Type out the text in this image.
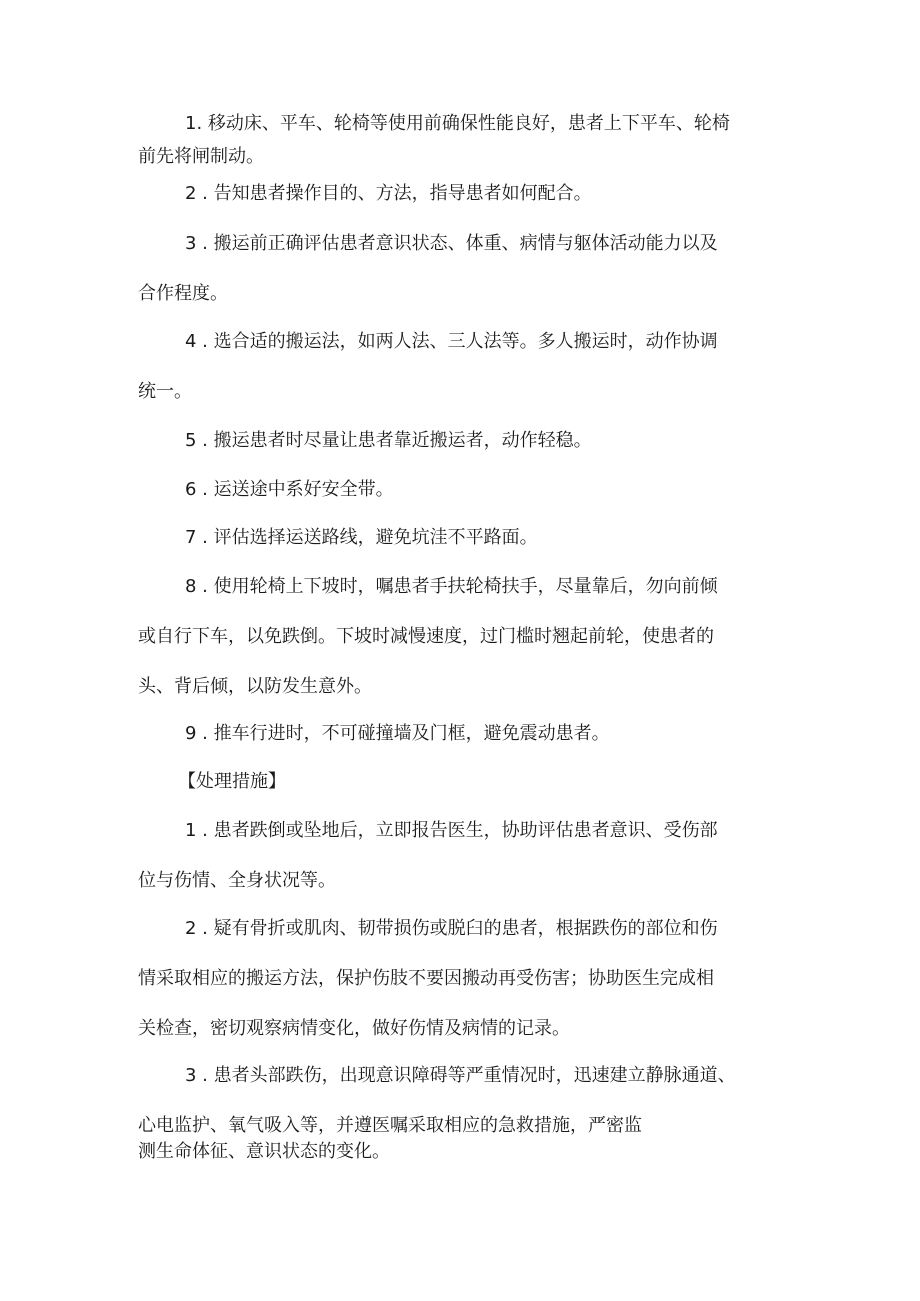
1. 移动床、平车、轮椅等使用前确保性能良好，患者上下平车、轮椅
前先将闸制动。
2 . 告知患者操作目的、方法，指导患者如何配合。
3 . 搬运前正确评估患者意识状态、体重、病情与躯体活动能力以及
合作程度。
4 . 选合适的搬运法，如两人法、三人法等。多人搬运时，动作协调
统一。
5 . 搬运患者时尽量让患者靠近搬运者，动作轻稳。
6 . 运送途中系好安全带。
7 . 评估选择运送路线，避免坑洼不平路面。
8 . 使用轮椅上下坡时，嘱患者手扶轮椅扶手，尽量靠后，勿向前倾
或自行下车，以免跌倒。下坡时减慢速度，过门槛时翘起前轮，使患者的
头、背后倾，以防发生意外。
9 . 推车行进时，不可碰撞墙及门框，避免震动患者。
【处理措施】
1 . 患者跌倒或坠地后，立即报告医生，协助评估患者意识、受伤部
位与伤情、全身状况等。
2 . 疑有骨折或肌肉、韧带损伤或脱臼的患者，根据跌伤的部位和伤
情采取相应的搬运方法，保护伤肢不要因搬动再受伤害；协助医生完成相
关检查，密切观察病情变化，做好伤情及病情的记录。
3 . 患者头部跌伤，出现意识障碍等严重情况时，迅速建立静脉通道、
心电监护、氧气吸入等，并遵医嘱采取相应的急救措施，严密监
测生命体征、意识状态的变化。
